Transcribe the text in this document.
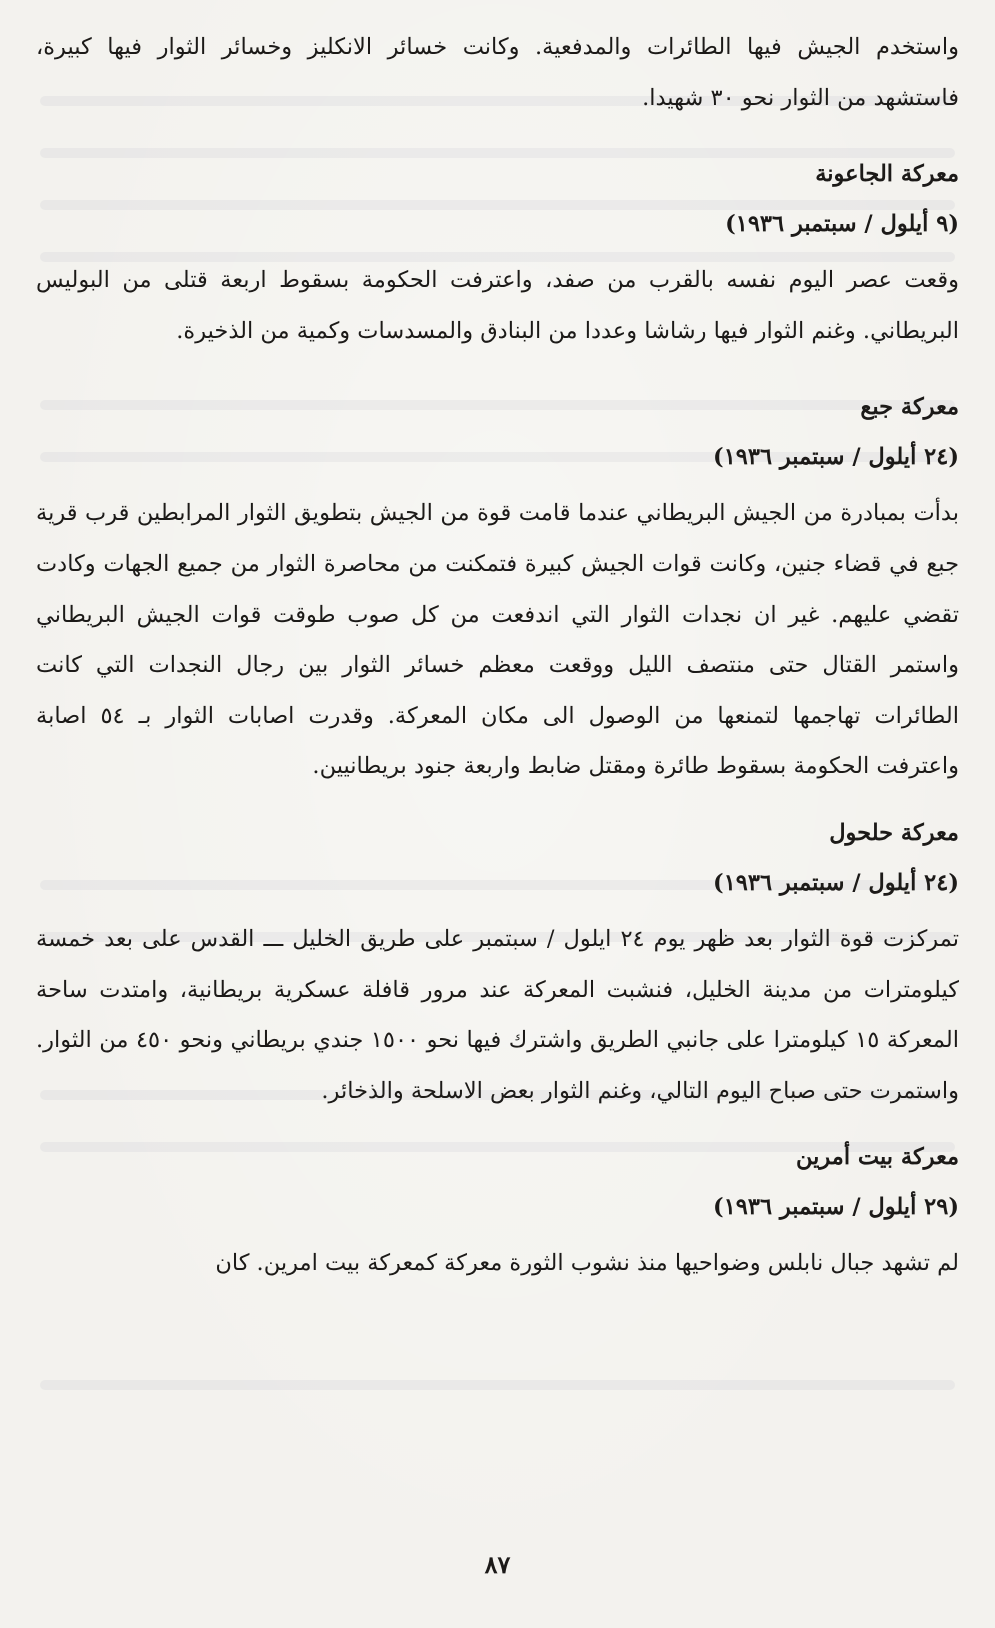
واستخدم الجيش فيها الطائرات والمدفعية. وكانت خسائر الانكليز وخسائر الثوار فيها كبيرة، فاستشهد من الثوار نحو ٣٠ شهيدا.

معركة الجاعونة
(٩ أيلول / سبتمبر ١٩٣٦)

وقعت عصر اليوم نفسه بالقرب من صفد، واعترفت الحكومة بسقوط اربعة قتلى من البوليس البريطاني. وغنم الثوار فيها رشاشا وعددا من البنادق والمسدسات وكمية من الذخيرة.

معركة جبع
(٢٤ أيلول / سبتمبر ١٩٣٦)

بدأت بمبادرة من الجيش البريطاني عندما قامت قوة من الجيش بتطويق الثوار المرابطين قرب قرية جبع في قضاء جنين، وكانت قوات الجيش كبيرة فتمكنت من محاصرة الثوار من جميع الجهات وكادت تقضي عليهم. غير ان نجدات الثوار التي اندفعت من كل صوب طوقت قوات الجيش البريطاني واستمر القتال حتى منتصف الليل ووقعت معظم خسائر الثوار بين رجال النجدات التي كانت الطائرات تهاجمها لتمنعها من الوصول الى مكان المعركة. وقدرت اصابات الثوار بـ ٥٤ اصابة واعترفت الحكومة بسقوط طائرة ومقتل ضابط واربعة جنود بريطانيين.

معركة حلحول
(٢٤ أيلول / سبتمبر ١٩٣٦)

تمركزت قوة الثوار بعد ظهر يوم ٢٤ ايلول / سبتمبر على طريق الخليل ـــ القدس على بعد خمسة كيلومترات من مدينة الخليل، فنشبت المعركة عند مرور قافلة عسكرية بريطانية، وامتدت ساحة المعركة ١٥ كيلومترا على جانبي الطريق واشترك فيها نحو ١٥٠٠ جندي بريطاني ونحو ٤٥٠ من الثوار. واستمرت حتى صباح اليوم التالي، وغنم الثوار بعض الاسلحة والذخائر.

معركة بيت أمرين
(٢٩ أيلول / سبتمبر ١٩٣٦)

لم تشهد جبال نابلس وضواحيها منذ نشوب الثورة معركة كمعركة بيت امرين. كان

٨٧
